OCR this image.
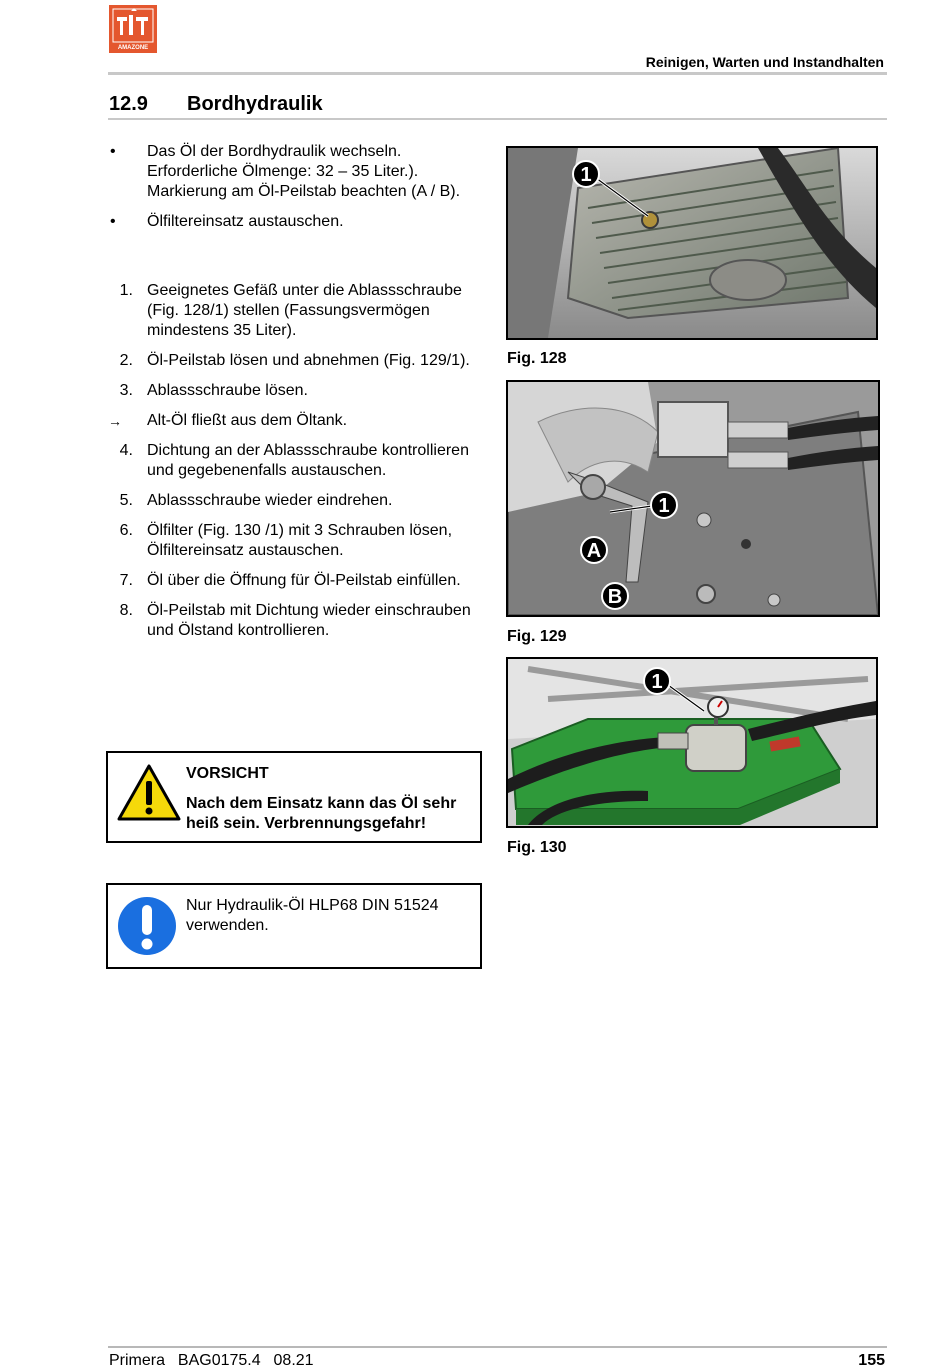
AMAZONE
Reinigen, Warten und Instandhalten
12.9 Bordhydraulik
•	Das Öl der Bordhydraulik wechseln. Erforderliche Ölmenge: 32 – 35 Liter.). Markierung am Öl-Peilstab beachten (A / B).
•	Ölfiltereinsatz austauschen.
1. Geeignetes Gefäß unter die Ablassschraube (Fig. 128/1) stellen (Fassungsvermögen mindestens 35 Liter).
2. Öl-Peilstab lösen und abnehmen (Fig. 129/1).
3. Ablassschraube lösen.
→	Alt-Öl fließt aus dem Öltank.
4. Dichtung an der Ablassschraube kontrollieren und gegebenenfalls austauschen.
5. Ablassschraube wieder eindrehen.
6. Ölfilter (Fig. 130 /1) mit 3 Schrauben lösen, Ölfiltereinsatz austauschen.
7. Öl über die Öffnung für Öl-Peilstab einfüllen.
8. Öl-Peilstab mit Dichtung wieder einschrauben und Ölstand kontrollieren.
VORSICHT
Nach dem Einsatz kann das Öl sehr heiß sein. Verbrennungsgefahr!
Nur Hydraulik-Öl HLP68 DIN 51524 verwenden.
1
Fig. 128
1
A
B
Fig. 129
1
Fig. 130
Primera  BAG0175.4  08.21	155
